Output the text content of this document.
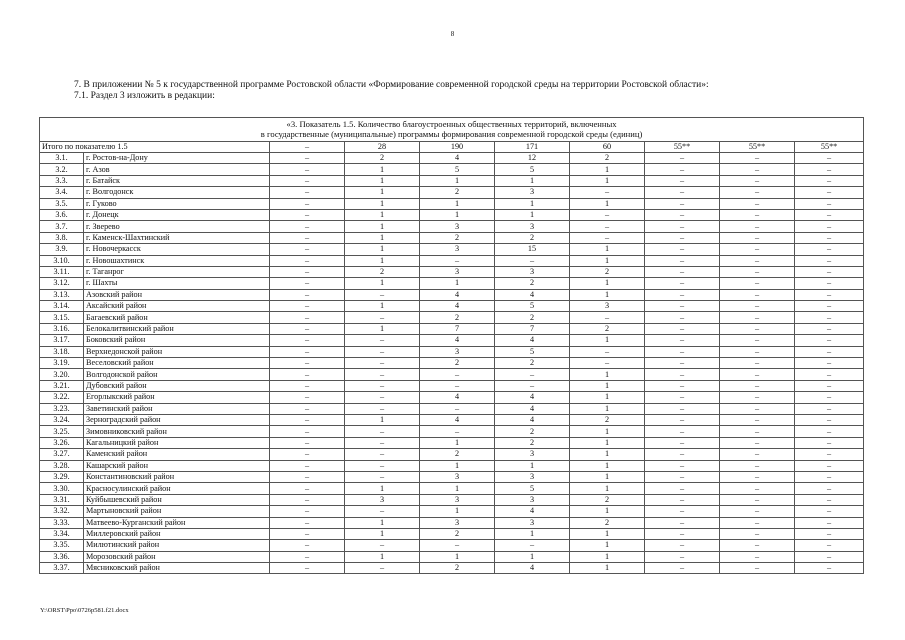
8
7. В приложении № 5 к государственной программе Ростовской области «Формирование современной городской среды на территории Ростовской области»:
7.1. Раздел 3 изложить в редакции:
«3. Показатель 1.5. Количество благоустроенных общественных территорий, включенных
в государственные (муниципальные) программы формирования современной городской среды (единиц)									
Итого по показателю 1.5		–	28	190	171	60	55**	55**	55**
3.1.	г. Ростов-на-Дону	–	2	4	12	2	–	–	–
3.2.	г. Азов	–	1	5	5	1	–	–	–
3.3.	г. Батайск	–	1	1	1	1	–	–	–
3.4.	г. Волгодонск	–	1	2	3	–	–	–	–
3.5.	г. Гуково	–	1	1	1	1	–	–	–
3.6.	г. Донецк	–	1	1	1	–	–	–	–
3.7.	г. Зверево	–	1	3	3	–	–	–	–
3.8.	г. Каменск-Шахтинский	–	1	2	2	–	–	–	–
3.9.	г. Новочеркасск	–	1	3	15	1	–	–	–
3.10.	г. Новошахтинск	–	1	–	–	1	–	–	–
3.11.	г. Таганрог	–	2	3	3	2	–	–	–
3.12.	г. Шахты	–	1	1	2	1	–	–	–
3.13.	Азовский район	–	–	4	4	1	–	–	–
3.14.	Аксайский район	–	1	4	5	3	–	–	–
3.15.	Багаевский район	–	–	2	2	–	–	–	–
3.16.	Белокалитвинский район	–	1	7	7	2	–	–	–
3.17.	Боковский район	–	–	4	4	1	–	–	–
3.18.	Верхнедонской район	–	–	3	5	–	–	–	–
3.19.	Веселовский район	–	–	2	2	–	–	–	–
3.20.	Волгодонской район	–	–	–	–	1	–	–	–
3.21.	Дубовский район	–	–	–	–	1	–	–	–
3.22.	Егорлыкский район	–	–	4	4	1	–	–	–
3.23.	Заветинский район	–	–	–	4	1	–	–	–
3.24.	Зерноградский район	–	1	4	4	2	–	–	–
3.25.	Зимовниковский район	–	–	–	2	1	–	–	–
3.26.	Кагальницкий район	–	–	1	2	1	–	–	–
3.27.	Каменский район	–	–	2	3	1	–	–	–
3.28.	Кашарский район	–	–	1	1	1	–	–	–
3.29.	Константиновский район	–	–	3	3	1	–	–	–
3.30.	Красносулинский район	–	1	1	5	1	–	–	–
3.31.	Куйбышевский район	–	3	3	3	2	–	–	–
3.32.	Мартыновский район	–	–	1	4	1	–	–	–
3.33.	Матвеево-Курганский район	–	1	3	3	2	–	–	–
3.34.	Миллеровский район	–	1	2	1	1	–	–	–
3.35.	Милютинский район	–	–	–	–	1	–	–	–
3.36.	Морозовский район	–	1	1	1	1	–	–	–
3.37.	Мясниковский район	–	–	2	4	1	–	–	–
Y:\ORST\Ppo\0726p581.f21.docx
